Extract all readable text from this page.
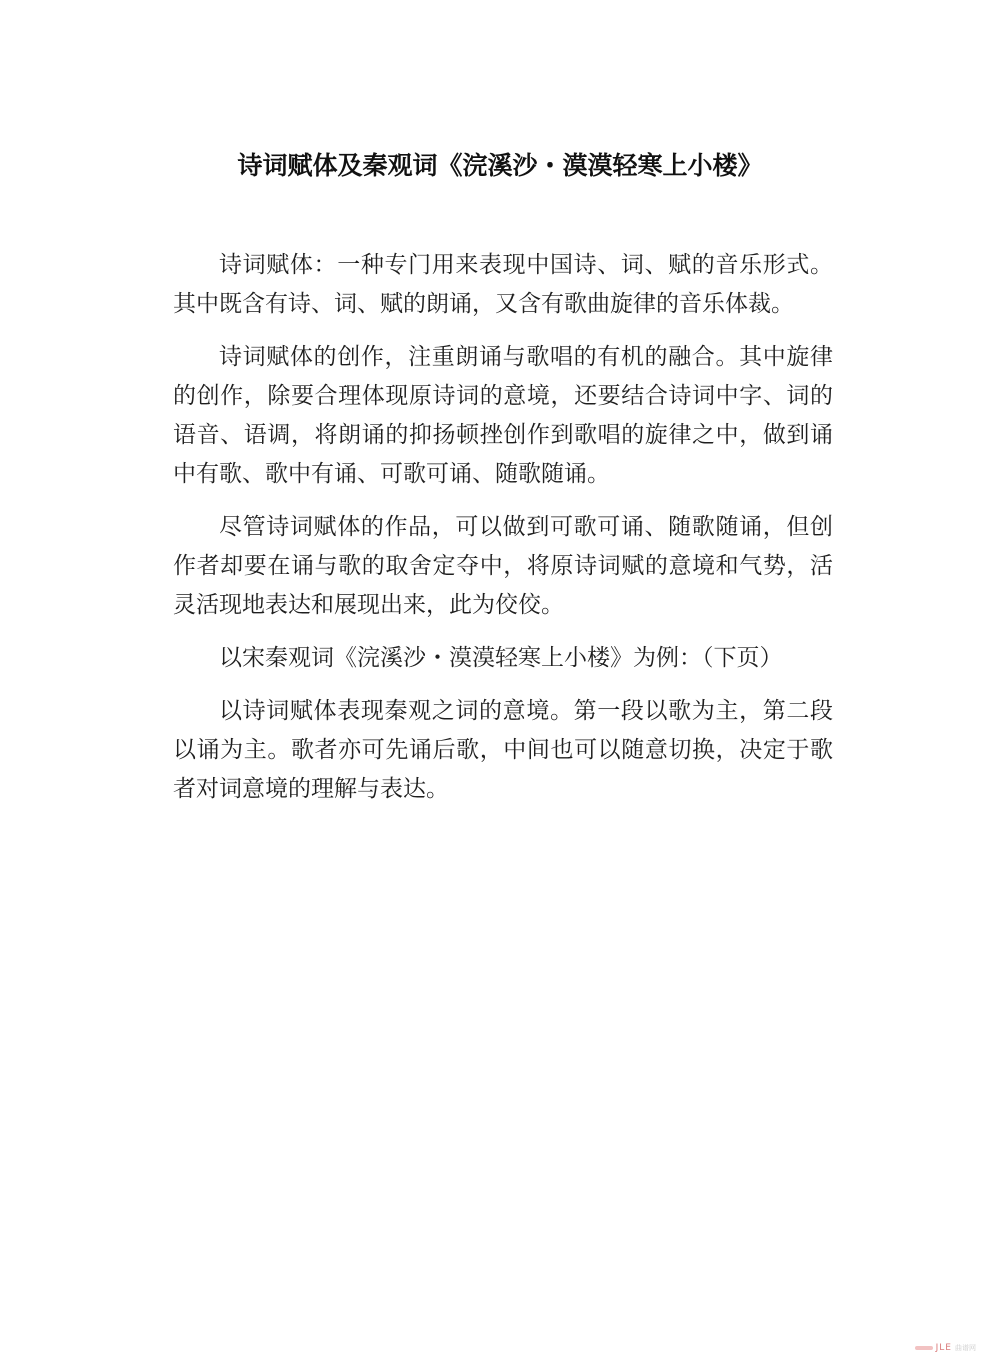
诗词赋体及秦观词《浣溪沙・漠漠轻寒上小楼》

诗词赋体：一种专门用来表现中国诗、词、赋的音乐形式。其中既含有诗、词、赋的朗诵，又含有歌曲旋律的音乐体裁。

诗词赋体的创作，注重朗诵与歌唱的有机的融合。其中旋律的创作，除要合理体现原诗词的意境，还要结合诗词中字、词的语音、语调，将朗诵的抑扬顿挫创作到歌唱的旋律之中，做到诵中有歌、歌中有诵、可歌可诵、随歌随诵。

尽管诗词赋体的作品，可以做到可歌可诵、随歌随诵，但创作者却要在诵与歌的取舍定夺中，将原诗词赋的意境和气势，活灵活现地表达和展现出来，此为佼佼。

以宋秦观词《浣溪沙・漠漠轻寒上小楼》为例：（下页）

以诗词赋体表现秦观之词的意境。第一段以歌为主，第二段以诵为主。歌者亦可先诵后歌，中间也可以随意切换，决定于歌者对词意境的理解与表达。

JLE 曲谱网
